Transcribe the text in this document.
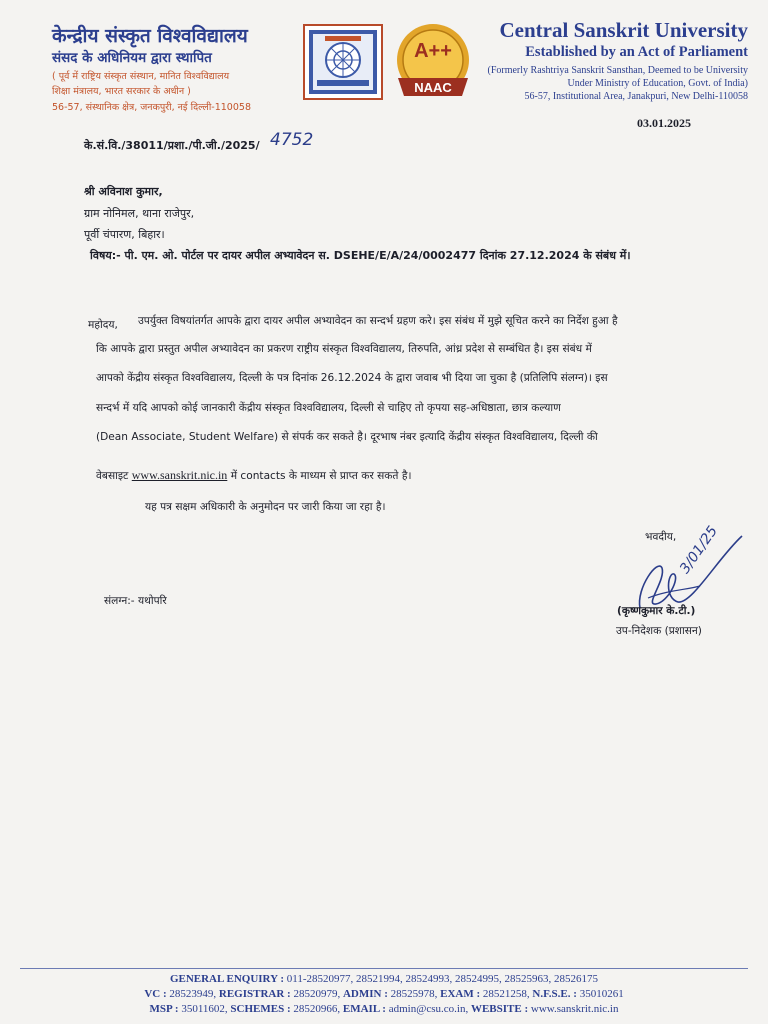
केन्द्रीय संस्कृत विश्वविद्यालय
संसद के अधिनियम द्वारा स्थापित
( पूर्व में राष्ट्रिय संस्कृत संस्थान, मानित विश्वविद्यालय
शिक्षा मंत्रालय, भारत सरकार के अधीन )
56-57, संस्थानिक क्षेत्र, जनकपुरी, नई दिल्ली-110058
A++
NAAC
Central Sanskrit University
Established by an Act of Parliament
(Formerly Rashtriya Sanskrit Sansthan, Deemed to be University
Under Ministry of Education, Govt. of India)
56-57, Institutional Area, Janakpuri, New Delhi-110058
03.01.2025
के.सं.वि./38011/प्रशा./पी.जी./2025/ 4752
श्री अविनाश कुमार,
ग्राम नोनिमल, थाना राजेपुर,
पूर्वी चंपारण, बिहार।
विषय:- पी. एम. ओ. पोर्टल पर दायर अपील अभ्यावेदन स. DSEHE/E/A/24/0002477 दिनांक 27.12.2024 के संबंध में।
महोदय, उपर्युक्त विषयांतर्गत आपके द्वारा दायर अपील अभ्यावेदन का सन्दर्भ ग्रहण करे। इस संबंध में मुझे सूचित करने का निर्देश हुआ है
कि आपके द्वारा प्रस्तुत अपील अभ्यावेदन का प्रकरण राष्ट्रीय संस्कृत विश्वविद्यालय, तिरुपति, आंध्र प्रदेश से सम्बंधित है। इस संबंध में
आपको केंद्रीय संस्कृत विश्वविद्यालय, दिल्ली के पत्र दिनांक 26.12.2024 के द्वारा जवाब भी दिया जा चुका है (प्रतिलिपि संलग्न)। इस
सन्दर्भ में यदि आपको कोई जानकारी केंद्रीय संस्कृत विश्वविद्यालय, दिल्ली से चाहिए तो कृपया सह-अधिष्ठाता, छात्र कल्याण
(Dean Associate, Student Welfare) से संपर्क कर सकते है। दूरभाष नंबर इत्यादि केंद्रीय संस्कृत विश्वविद्यालय, दिल्ली की
वेबसाइट www.sanskrit.nic.in में contacts के माध्यम से प्राप्त कर सकते है।
यह पत्र सक्षम अधिकारी के अनुमोदन पर जारी किया जा रहा है।
भवदीय, 3/01/25
संलग्न:- यथोपरि
(कृष्णकुमार के.टी.)
उप-निदेशक (प्रशासन)
GENERAL ENQUIRY : 011-28520977, 28521994, 28524993, 28524995, 28525963, 28526175
VC : 28523949, REGISTRAR : 28520979, ADMIN : 28525978, EXAM : 28521258, N.F.S.E. : 35010261
MSP : 35011602, SCHEMES : 28520966, EMAIL : admin@csu.co.in, WEBSITE : www.sanskrit.nic.in
